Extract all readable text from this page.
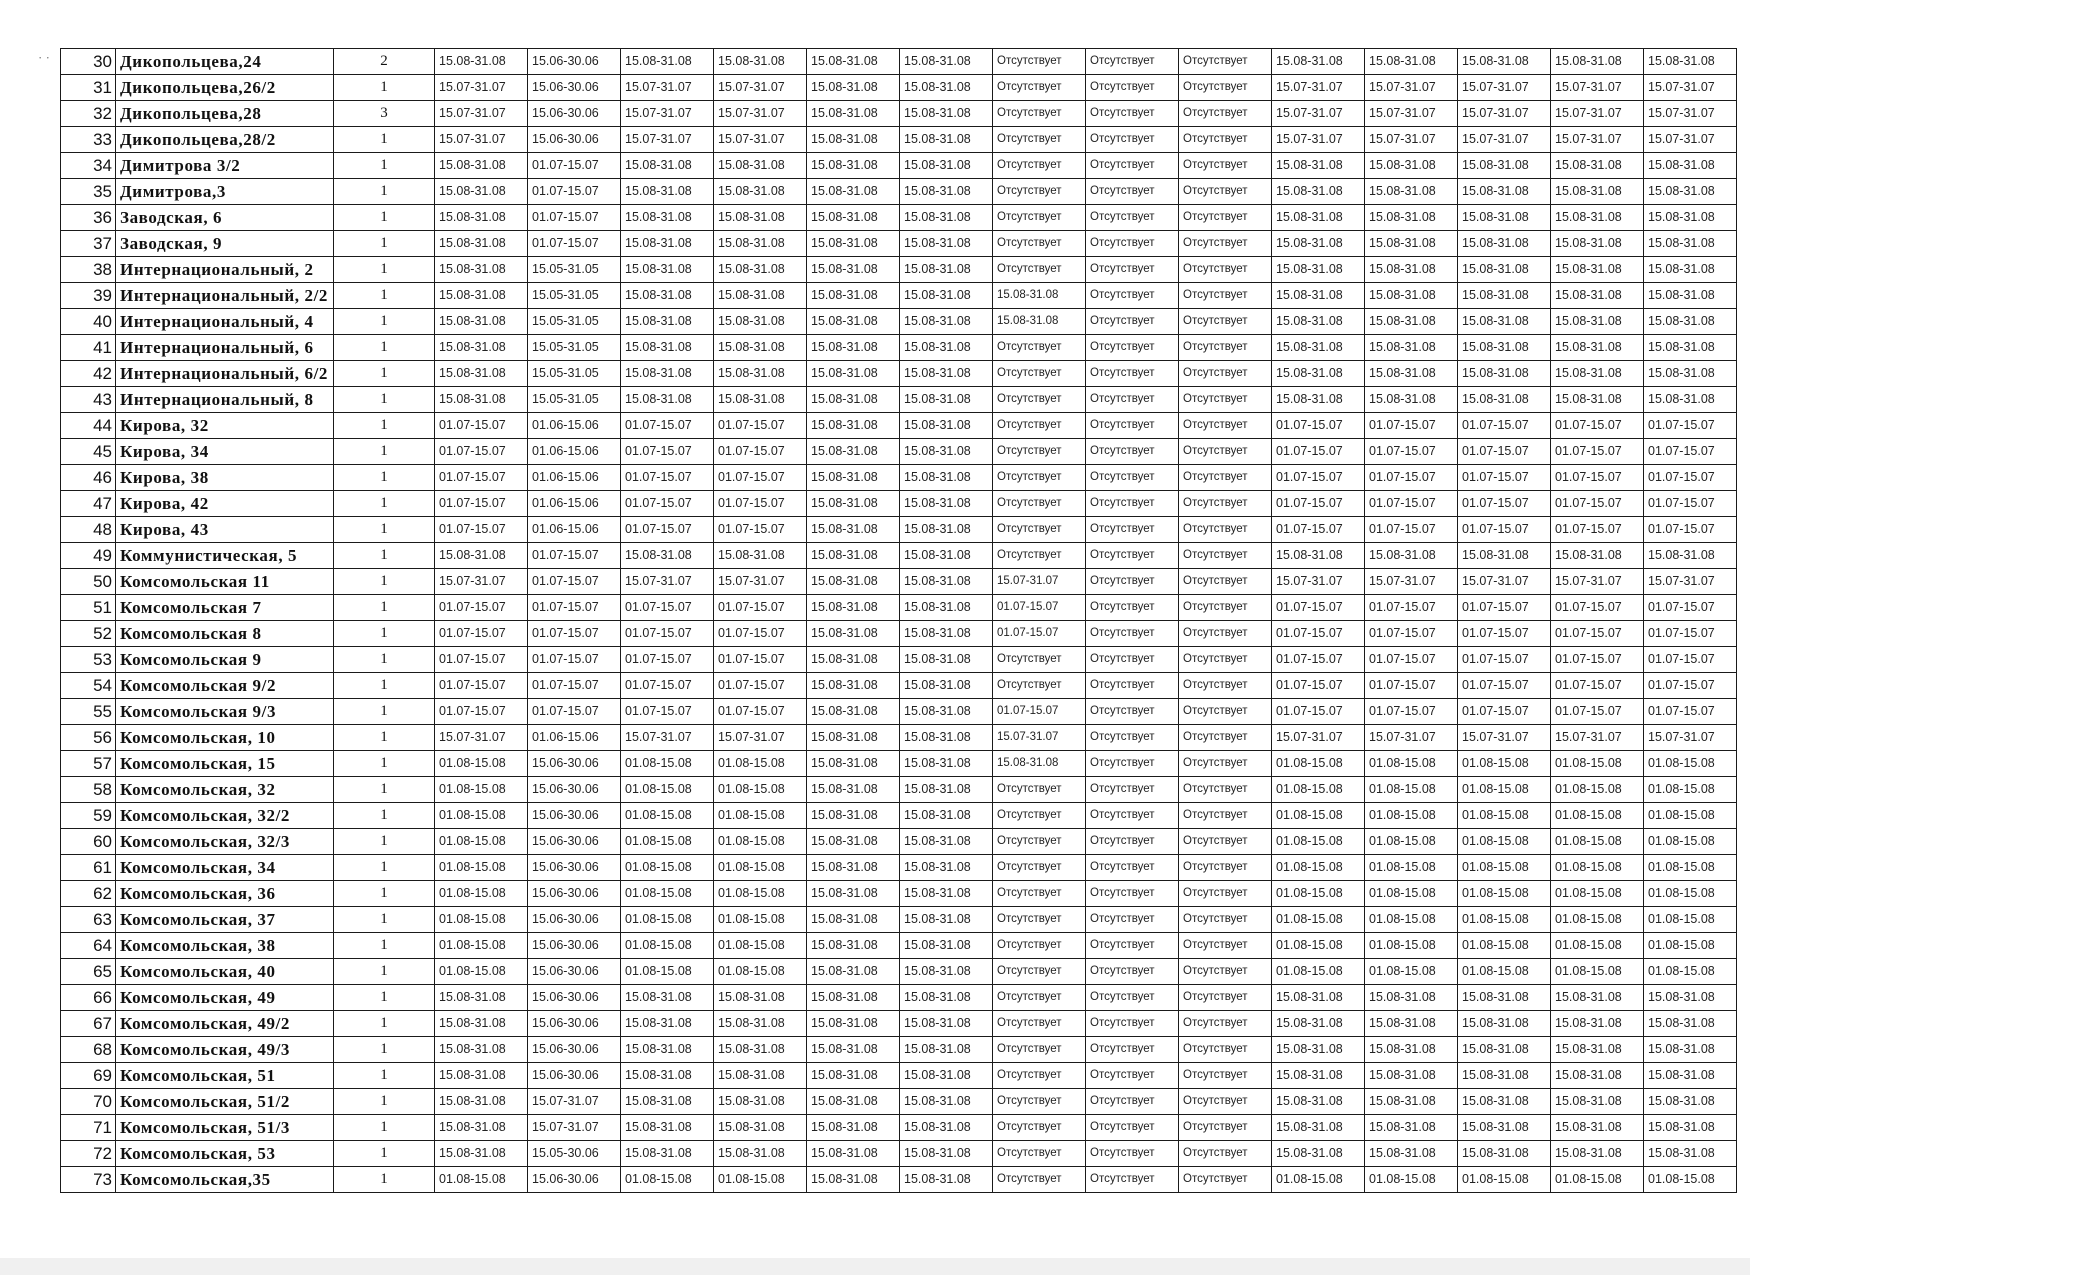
· ·	30	Дикопольцева,24	2	15.08-31.08	15.06-30.06	15.08-31.08	15.08-31.08	15.08-31.08	15.08-31.08	Отсутствует	Отсутствует	Отсутствует	15.08-31.08	15.08-31.08	15.08-31.08	15.08-31.08	15.08-31.08
31	Дикопольцева,26/2	1	15.07-31.07	15.06-30.06	15.07-31.07	15.07-31.07	15.08-31.08	15.08-31.08	Отсутствует	Отсутствует	Отсутствует	15.07-31.07	15.07-31.07	15.07-31.07	15.07-31.07	15.07-31.07
32	Дикопольцева,28	3	15.07-31.07	15.06-30.06	15.07-31.07	15.07-31.07	15.08-31.08	15.08-31.08	Отсутствует	Отсутствует	Отсутствует	15.07-31.07	15.07-31.07	15.07-31.07	15.07-31.07	15.07-31.07
33	Дикопольцева,28/2	1	15.07-31.07	15.06-30.06	15.07-31.07	15.07-31.07	15.08-31.08	15.08-31.08	Отсутствует	Отсутствует	Отсутствует	15.07-31.07	15.07-31.07	15.07-31.07	15.07-31.07	15.07-31.07
34	Димитрова 3/2	1	15.08-31.08	01.07-15.07	15.08-31.08	15.08-31.08	15.08-31.08	15.08-31.08	Отсутствует	Отсутствует	Отсутствует	15.08-31.08	15.08-31.08	15.08-31.08	15.08-31.08	15.08-31.08
35	Димитрова,3	1	15.08-31.08	01.07-15.07	15.08-31.08	15.08-31.08	15.08-31.08	15.08-31.08	Отсутствует	Отсутствует	Отсутствует	15.08-31.08	15.08-31.08	15.08-31.08	15.08-31.08	15.08-31.08
36	Заводская, 6	1	15.08-31.08	01.07-15.07	15.08-31.08	15.08-31.08	15.08-31.08	15.08-31.08	Отсутствует	Отсутствует	Отсутствует	15.08-31.08	15.08-31.08	15.08-31.08	15.08-31.08	15.08-31.08
37	Заводская, 9	1	15.08-31.08	01.07-15.07	15.08-31.08	15.08-31.08	15.08-31.08	15.08-31.08	Отсутствует	Отсутствует	Отсутствует	15.08-31.08	15.08-31.08	15.08-31.08	15.08-31.08	15.08-31.08
38	Интернациональный, 2	1	15.08-31.08	15.05-31.05	15.08-31.08	15.08-31.08	15.08-31.08	15.08-31.08	Отсутствует	Отсутствует	Отсутствует	15.08-31.08	15.08-31.08	15.08-31.08	15.08-31.08	15.08-31.08
39	Интернациональный, 2/2	1	15.08-31.08	15.05-31.05	15.08-31.08	15.08-31.08	15.08-31.08	15.08-31.08	15.08-31.08	Отсутствует	Отсутствует	15.08-31.08	15.08-31.08	15.08-31.08	15.08-31.08	15.08-31.08
40	Интернациональный, 4	1	15.08-31.08	15.05-31.05	15.08-31.08	15.08-31.08	15.08-31.08	15.08-31.08	15.08-31.08	Отсутствует	Отсутствует	15.08-31.08	15.08-31.08	15.08-31.08	15.08-31.08	15.08-31.08
41	Интернациональный, 6	1	15.08-31.08	15.05-31.05	15.08-31.08	15.08-31.08	15.08-31.08	15.08-31.08	Отсутствует	Отсутствует	Отсутствует	15.08-31.08	15.08-31.08	15.08-31.08	15.08-31.08	15.08-31.08
42	Интернациональный, 6/2	1	15.08-31.08	15.05-31.05	15.08-31.08	15.08-31.08	15.08-31.08	15.08-31.08	Отсутствует	Отсутствует	Отсутствует	15.08-31.08	15.08-31.08	15.08-31.08	15.08-31.08	15.08-31.08
43	Интернациональный, 8	1	15.08-31.08	15.05-31.05	15.08-31.08	15.08-31.08	15.08-31.08	15.08-31.08	Отсутствует	Отсутствует	Отсутствует	15.08-31.08	15.08-31.08	15.08-31.08	15.08-31.08	15.08-31.08
44	Кирова, 32	1	01.07-15.07	01.06-15.06	01.07-15.07	01.07-15.07	15.08-31.08	15.08-31.08	Отсутствует	Отсутствует	Отсутствует	01.07-15.07	01.07-15.07	01.07-15.07	01.07-15.07	01.07-15.07
45	Кирова, 34	1	01.07-15.07	01.06-15.06	01.07-15.07	01.07-15.07	15.08-31.08	15.08-31.08	Отсутствует	Отсутствует	Отсутствует	01.07-15.07	01.07-15.07	01.07-15.07	01.07-15.07	01.07-15.07
46	Кирова, 38	1	01.07-15.07	01.06-15.06	01.07-15.07	01.07-15.07	15.08-31.08	15.08-31.08	Отсутствует	Отсутствует	Отсутствует	01.07-15.07	01.07-15.07	01.07-15.07	01.07-15.07	01.07-15.07
47	Кирова, 42	1	01.07-15.07	01.06-15.06	01.07-15.07	01.07-15.07	15.08-31.08	15.08-31.08	Отсутствует	Отсутствует	Отсутствует	01.07-15.07	01.07-15.07	01.07-15.07	01.07-15.07	01.07-15.07
48	Кирова, 43	1	01.07-15.07	01.06-15.06	01.07-15.07	01.07-15.07	15.08-31.08	15.08-31.08	Отсутствует	Отсутствует	Отсутствует	01.07-15.07	01.07-15.07	01.07-15.07	01.07-15.07	01.07-15.07
49	Коммунистическая, 5	1	15.08-31.08	01.07-15.07	15.08-31.08	15.08-31.08	15.08-31.08	15.08-31.08	Отсутствует	Отсутствует	Отсутствует	15.08-31.08	15.08-31.08	15.08-31.08	15.08-31.08	15.08-31.08
50	Комсомольская 11	1	15.07-31.07	01.07-15.07	15.07-31.07	15.07-31.07	15.08-31.08	15.08-31.08	15.07-31.07	Отсутствует	Отсутствует	15.07-31.07	15.07-31.07	15.07-31.07	15.07-31.07	15.07-31.07
51	Комсомольская 7	1	01.07-15.07	01.07-15.07	01.07-15.07	01.07-15.07	15.08-31.08	15.08-31.08	01.07-15.07	Отсутствует	Отсутствует	01.07-15.07	01.07-15.07	01.07-15.07	01.07-15.07	01.07-15.07
52	Комсомольская 8	1	01.07-15.07	01.07-15.07	01.07-15.07	01.07-15.07	15.08-31.08	15.08-31.08	01.07-15.07	Отсутствует	Отсутствует	01.07-15.07	01.07-15.07	01.07-15.07	01.07-15.07	01.07-15.07
53	Комсомольская 9	1	01.07-15.07	01.07-15.07	01.07-15.07	01.07-15.07	15.08-31.08	15.08-31.08	Отсутствует	Отсутствует	Отсутствует	01.07-15.07	01.07-15.07	01.07-15.07	01.07-15.07	01.07-15.07
54	Комсомольская 9/2	1	01.07-15.07	01.07-15.07	01.07-15.07	01.07-15.07	15.08-31.08	15.08-31.08	Отсутствует	Отсутствует	Отсутствует	01.07-15.07	01.07-15.07	01.07-15.07	01.07-15.07	01.07-15.07
55	Комсомольская 9/3	1	01.07-15.07	01.07-15.07	01.07-15.07	01.07-15.07	15.08-31.08	15.08-31.08	01.07-15.07	Отсутствует	Отсутствует	01.07-15.07	01.07-15.07	01.07-15.07	01.07-15.07	01.07-15.07
56	Комсомольская, 10	1	15.07-31.07	01.06-15.06	15.07-31.07	15.07-31.07	15.08-31.08	15.08-31.08	15.07-31.07	Отсутствует	Отсутствует	15.07-31.07	15.07-31.07	15.07-31.07	15.07-31.07	15.07-31.07
57	Комсомольская, 15	1	01.08-15.08	15.06-30.06	01.08-15.08	01.08-15.08	15.08-31.08	15.08-31.08	15.08-31.08	Отсутствует	Отсутствует	01.08-15.08	01.08-15.08	01.08-15.08	01.08-15.08	01.08-15.08
58	Комсомольская, 32	1	01.08-15.08	15.06-30.06	01.08-15.08	01.08-15.08	15.08-31.08	15.08-31.08	Отсутствует	Отсутствует	Отсутствует	01.08-15.08	01.08-15.08	01.08-15.08	01.08-15.08	01.08-15.08
59	Комсомольская, 32/2	1	01.08-15.08	15.06-30.06	01.08-15.08	01.08-15.08	15.08-31.08	15.08-31.08	Отсутствует	Отсутствует	Отсутствует	01.08-15.08	01.08-15.08	01.08-15.08	01.08-15.08	01.08-15.08
60	Комсомольская, 32/3	1	01.08-15.08	15.06-30.06	01.08-15.08	01.08-15.08	15.08-31.08	15.08-31.08	Отсутствует	Отсутствует	Отсутствует	01.08-15.08	01.08-15.08	01.08-15.08	01.08-15.08	01.08-15.08
61	Комсомольская, 34	1	01.08-15.08	15.06-30.06	01.08-15.08	01.08-15.08	15.08-31.08	15.08-31.08	Отсутствует	Отсутствует	Отсутствует	01.08-15.08	01.08-15.08	01.08-15.08	01.08-15.08	01.08-15.08
62	Комсомольская, 36	1	01.08-15.08	15.06-30.06	01.08-15.08	01.08-15.08	15.08-31.08	15.08-31.08	Отсутствует	Отсутствует	Отсутствует	01.08-15.08	01.08-15.08	01.08-15.08	01.08-15.08	01.08-15.08
63	Комсомольская, 37	1	01.08-15.08	15.06-30.06	01.08-15.08	01.08-15.08	15.08-31.08	15.08-31.08	Отсутствует	Отсутствует	Отсутствует	01.08-15.08	01.08-15.08	01.08-15.08	01.08-15.08	01.08-15.08
64	Комсомольская, 38	1	01.08-15.08	15.06-30.06	01.08-15.08	01.08-15.08	15.08-31.08	15.08-31.08	Отсутствует	Отсутствует	Отсутствует	01.08-15.08	01.08-15.08	01.08-15.08	01.08-15.08	01.08-15.08
65	Комсомольская, 40	1	01.08-15.08	15.06-30.06	01.08-15.08	01.08-15.08	15.08-31.08	15.08-31.08	Отсутствует	Отсутствует	Отсутствует	01.08-15.08	01.08-15.08	01.08-15.08	01.08-15.08	01.08-15.08
66	Комсомольская, 49	1	15.08-31.08	15.06-30.06	15.08-31.08	15.08-31.08	15.08-31.08	15.08-31.08	Отсутствует	Отсутствует	Отсутствует	15.08-31.08	15.08-31.08	15.08-31.08	15.08-31.08	15.08-31.08
67	Комсомольская, 49/2	1	15.08-31.08	15.06-30.06	15.08-31.08	15.08-31.08	15.08-31.08	15.08-31.08	Отсутствует	Отсутствует	Отсутствует	15.08-31.08	15.08-31.08	15.08-31.08	15.08-31.08	15.08-31.08
68	Комсомольская, 49/3	1	15.08-31.08	15.06-30.06	15.08-31.08	15.08-31.08	15.08-31.08	15.08-31.08	Отсутствует	Отсутствует	Отсутствует	15.08-31.08	15.08-31.08	15.08-31.08	15.08-31.08	15.08-31.08
69	Комсомольская, 51	1	15.08-31.08	15.06-30.06	15.08-31.08	15.08-31.08	15.08-31.08	15.08-31.08	Отсутствует	Отсутствует	Отсутствует	15.08-31.08	15.08-31.08	15.08-31.08	15.08-31.08	15.08-31.08
70	Комсомольская, 51/2	1	15.08-31.08	15.07-31.07	15.08-31.08	15.08-31.08	15.08-31.08	15.08-31.08	Отсутствует	Отсутствует	Отсутствует	15.08-31.08	15.08-31.08	15.08-31.08	15.08-31.08	15.08-31.08
71	Комсомольская, 51/3	1	15.08-31.08	15.07-31.07	15.08-31.08	15.08-31.08	15.08-31.08	15.08-31.08	Отсутствует	Отсутствует	Отсутствует	15.08-31.08	15.08-31.08	15.08-31.08	15.08-31.08	15.08-31.08
72	Комсомольская, 53	1	15.08-31.08	15.05-30.06	15.08-31.08	15.08-31.08	15.08-31.08	15.08-31.08	Отсутствует	Отсутствует	Отсутствует	15.08-31.08	15.08-31.08	15.08-31.08	15.08-31.08	15.08-31.08
73	Комсомольская,35	1	01.08-15.08	15.06-30.06	01.08-15.08	01.08-15.08	15.08-31.08	15.08-31.08	Отсутствует	Отсутствует	Отсутствует	01.08-15.08	01.08-15.08	01.08-15.08	01.08-15.08	01.08-15.08
